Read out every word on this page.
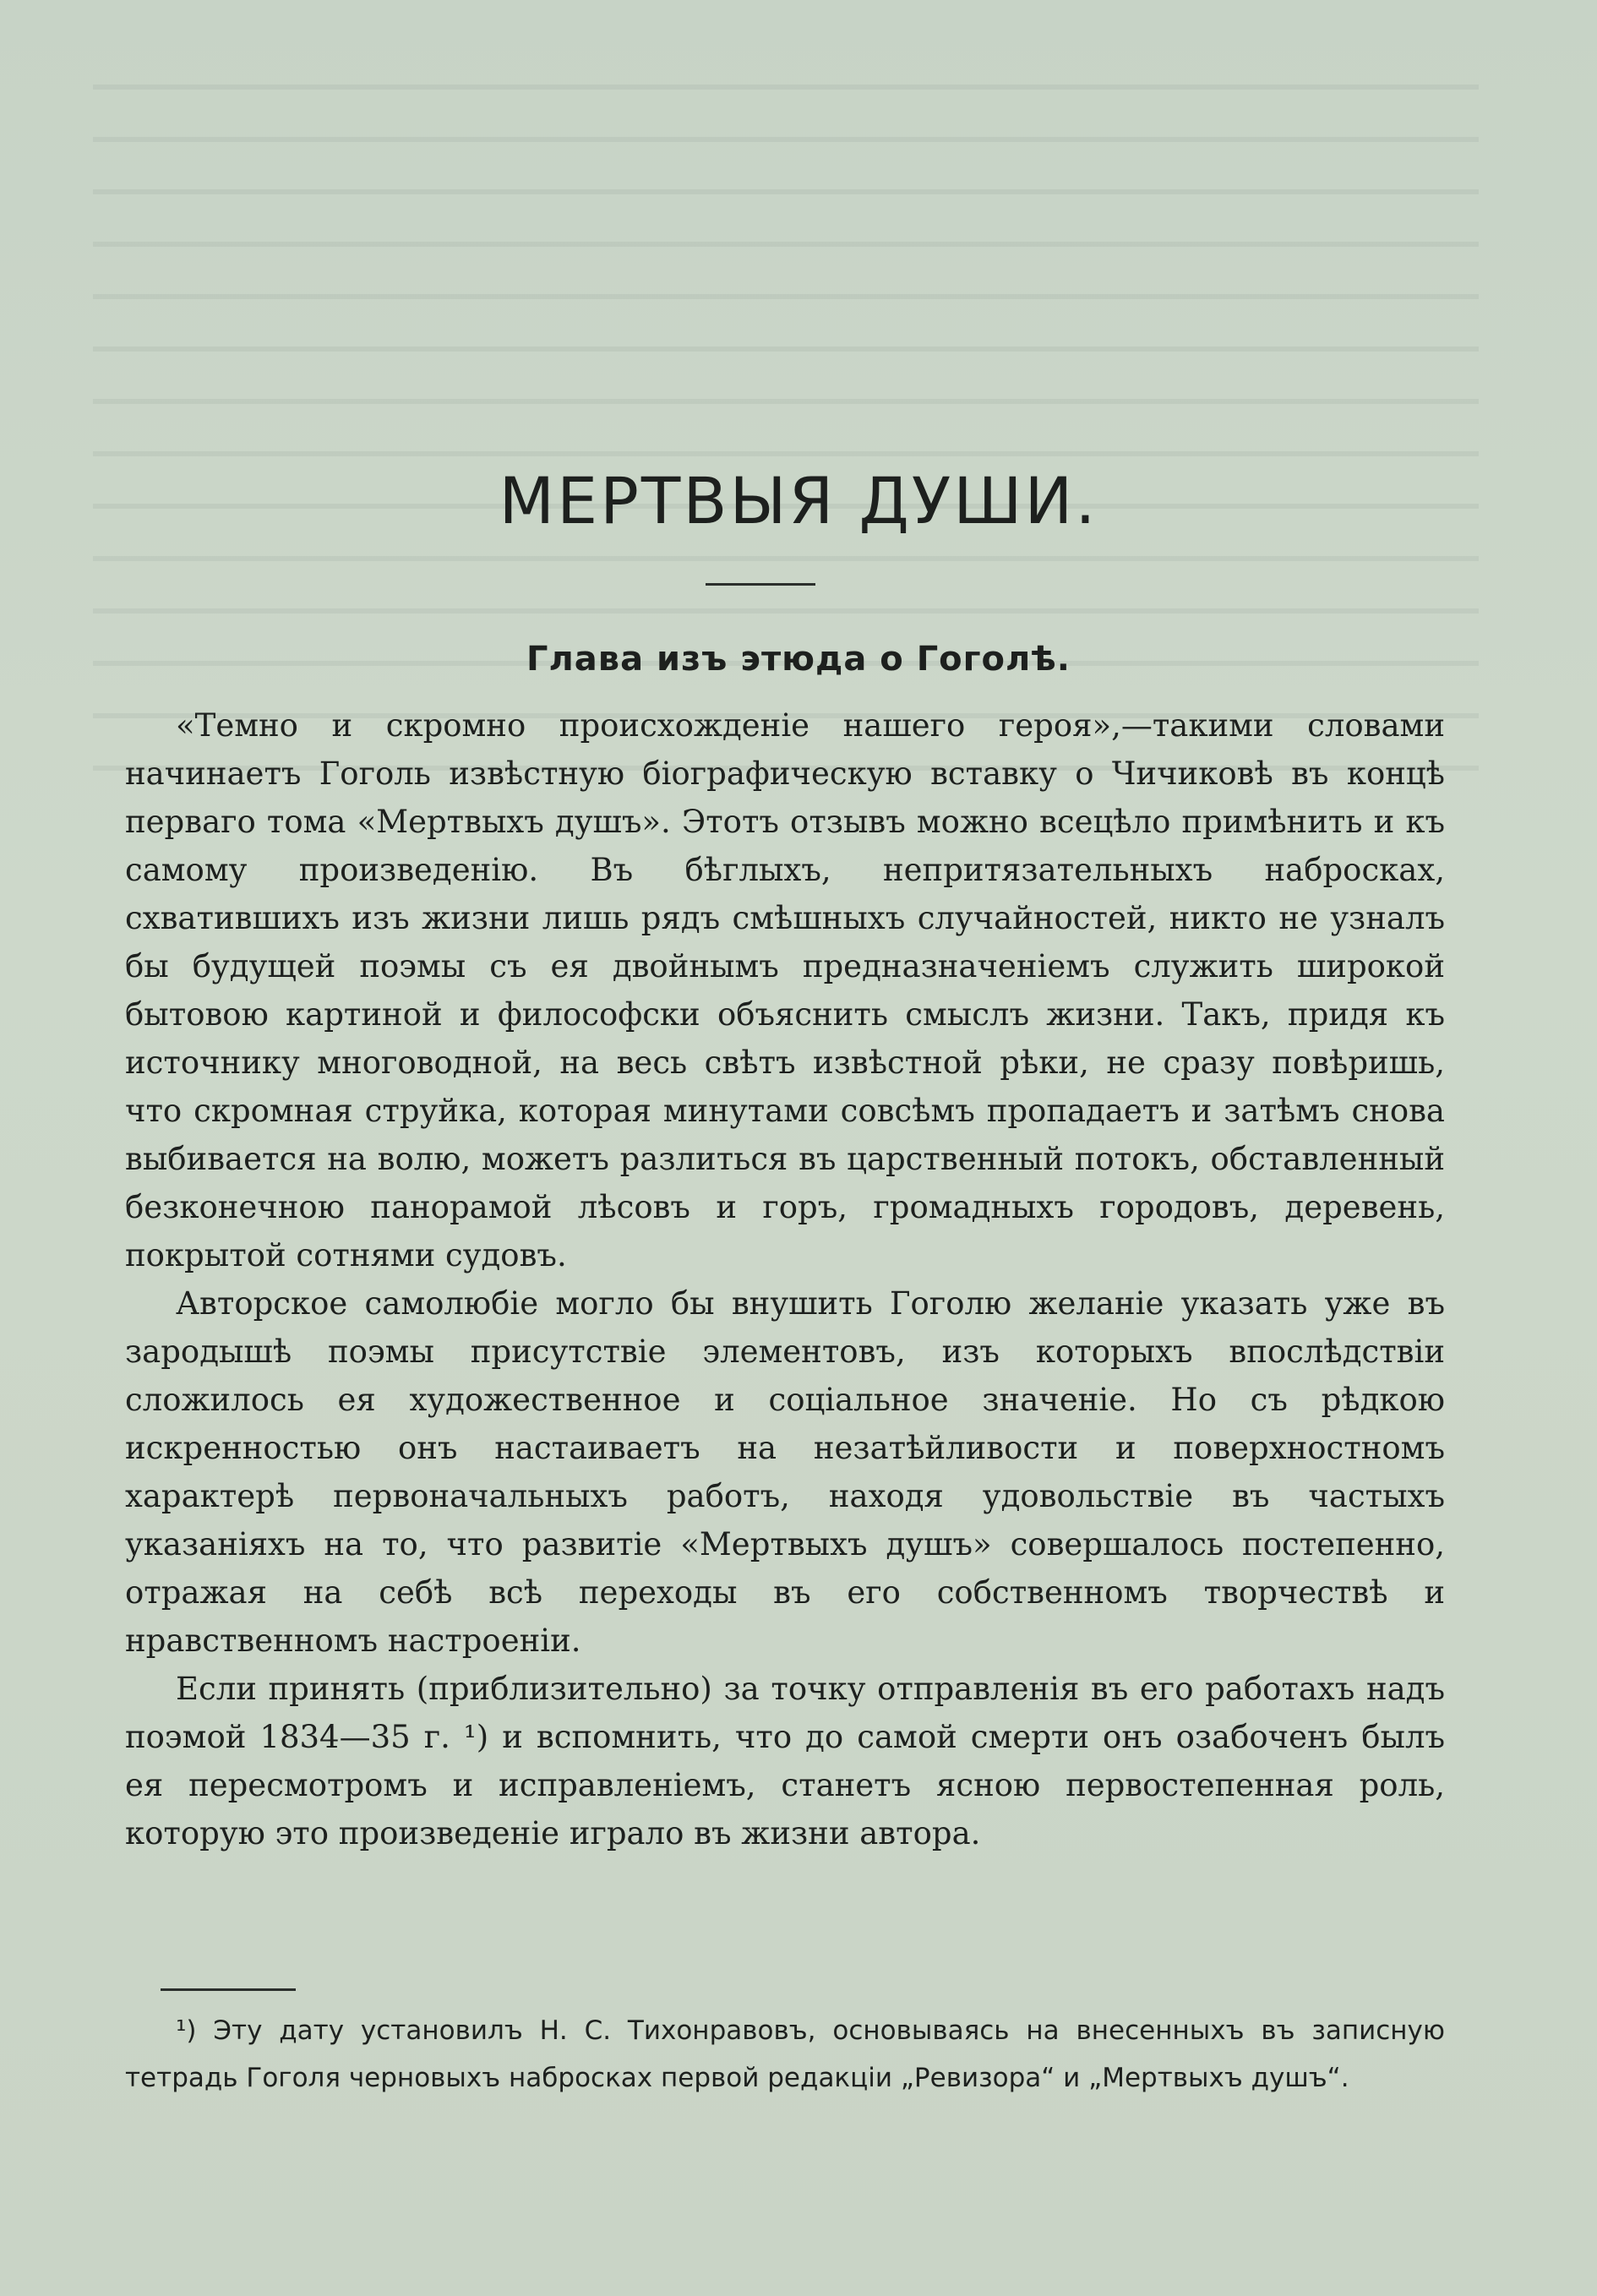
МЕРТВЫЯ ДУШИ.
Глава изъ этюда о Гоголѣ.

«Темно и скромно происхожденіе нашего героя»,—такими словами начинаетъ Гоголь извѣстную біографическую вставку о Чичиковѣ въ концѣ перваго тома «Мертвыхъ душъ». Этотъ отзывъ можно всецѣло примѣнить и къ самому произведенію. Въ бѣглыхъ, непритязательныхъ набросках, схватившихъ изъ жизни лишь рядъ смѣшныхъ случайностей, никто не узналъ бы будущей поэмы съ ея двойнымъ предназначеніемъ служить широкой бытовою картиной и философски объяснить смыслъ жизни. Такъ, придя къ источнику многоводной, на весь свѣтъ извѣстной рѣки, не сразу повѣришь, что скромная струйка, которая минутами совсѣмъ пропадаетъ и затѣмъ снова выбивается на волю, можетъ разлиться въ царственный потокъ, обставленный безконечною панорамой лѣсовъ и горъ, громадныхъ городовъ, деревень, покрытой сотнями судовъ.

Авторское самолюбіе могло бы внушить Гоголю желаніе указать уже въ зародышѣ поэмы присутствіе элементовъ, изъ которыхъ впослѣдствіи сложилось ея художественное и соціальное значеніе. Но съ рѣдкою искренностью онъ настаиваетъ на незатѣйливости и поверхностномъ характерѣ первоначальныхъ работъ, находя удовольствіе въ частыхъ указаніяхъ на то, что развитіе «Мертвыхъ душъ» совершалось постепенно, отражая на себѣ всѣ переходы въ его собственномъ творчествѣ и нравственномъ настроеніи.

Если принять (приблизительно) за точку отправленія въ его работахъ надъ поэмой 1834—35 г. ¹) и вспомнить, что до самой смерти онъ озабоченъ былъ ея пересмотромъ и исправленіемъ, станетъ ясною первостепенная роль, которую это произведеніе играло въ жизни автора.

¹) Эту дату установилъ Н. С. Тихонравовъ, основываясь на внесенныхъ въ записную тетрадь Гоголя черновыхъ набросках первой редакціи „Ревизора“ и „Мертвыхъ душъ“.
